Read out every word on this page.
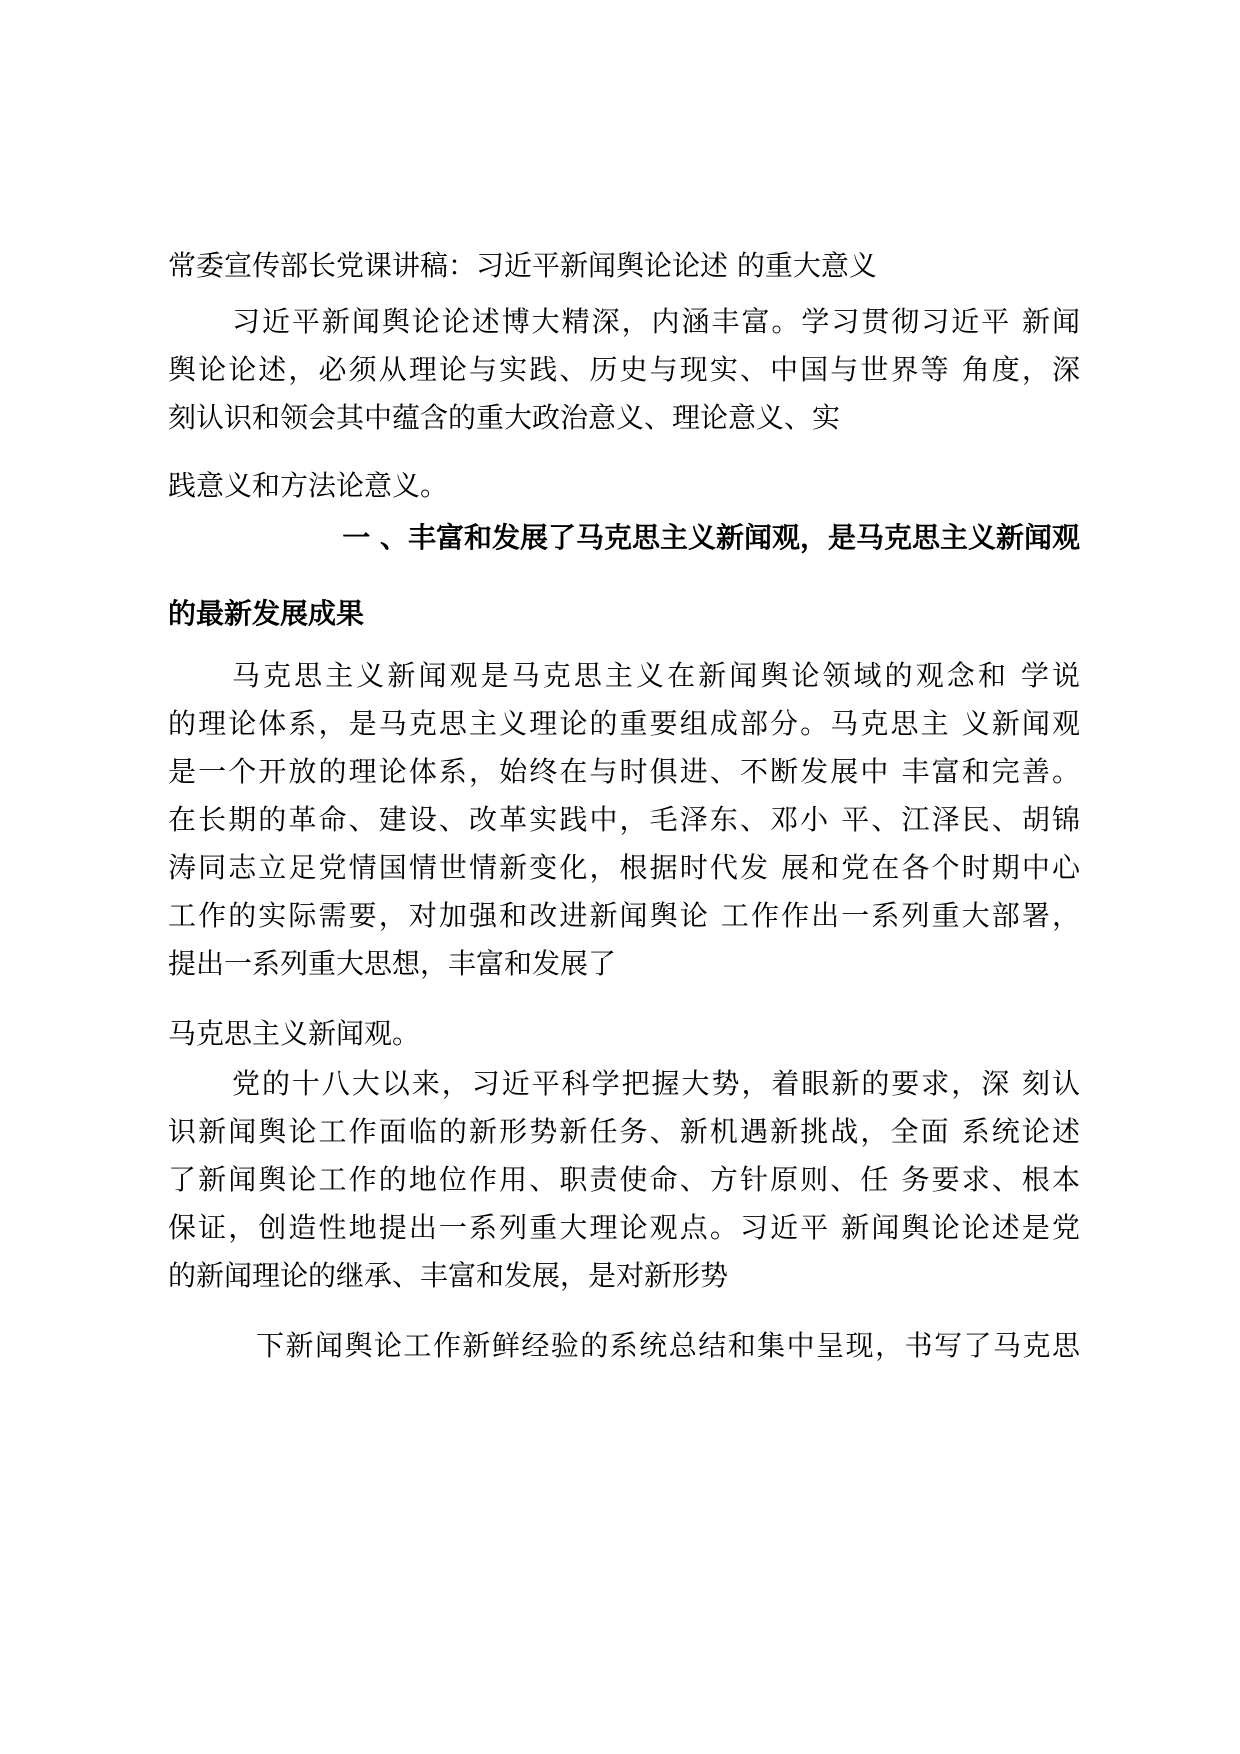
常委宣传部长党课讲稿：习近平新闻舆论论述 的重大意义
习近平新闻舆论论述博大精深，内涵丰富。学习贯彻习近平 新闻
舆论论述，必须从理论与实践、历史与现实、中国与世界等 角度，深
刻认识和领会其中蕴含的重大政治意义、理论意义、实
践意义和方法论意义。
一 、丰富和发展了马克思主义新闻观，是马克思主义新闻观
的最新发展成果
马克思主义新闻观是马克思主义在新闻舆论领域的观念和 学说
的理论体系，是马克思主义理论的重要组成部分。马克思主 义新闻观
是一个开放的理论体系，始终在与时俱进、不断发展中 丰富和完善。
在长期的革命、建设、改革实践中，毛泽东、邓小 平、江泽民、胡锦
涛同志立足党情国情世情新变化，根据时代发 展和党在各个时期中心
工作的实际需要，对加强和改进新闻舆论 工作作出一系列重大部署，
提出一系列重大思想，丰富和发展了
马克思主义新闻观。
党的十八大以来，习近平科学把握大势，着眼新的要求，深 刻认
识新闻舆论工作面临的新形势新任务、新机遇新挑战，全面 系统论述
了新闻舆论工作的地位作用、职责使命、方针原则、任 务要求、根本
保证，创造性地提出一系列重大理论观点。习近平 新闻舆论论述是党
的新闻理论的继承、丰富和发展，是对新形势
下新闻舆论工作新鲜经验的系统总结和集中呈现，书写了马克思
